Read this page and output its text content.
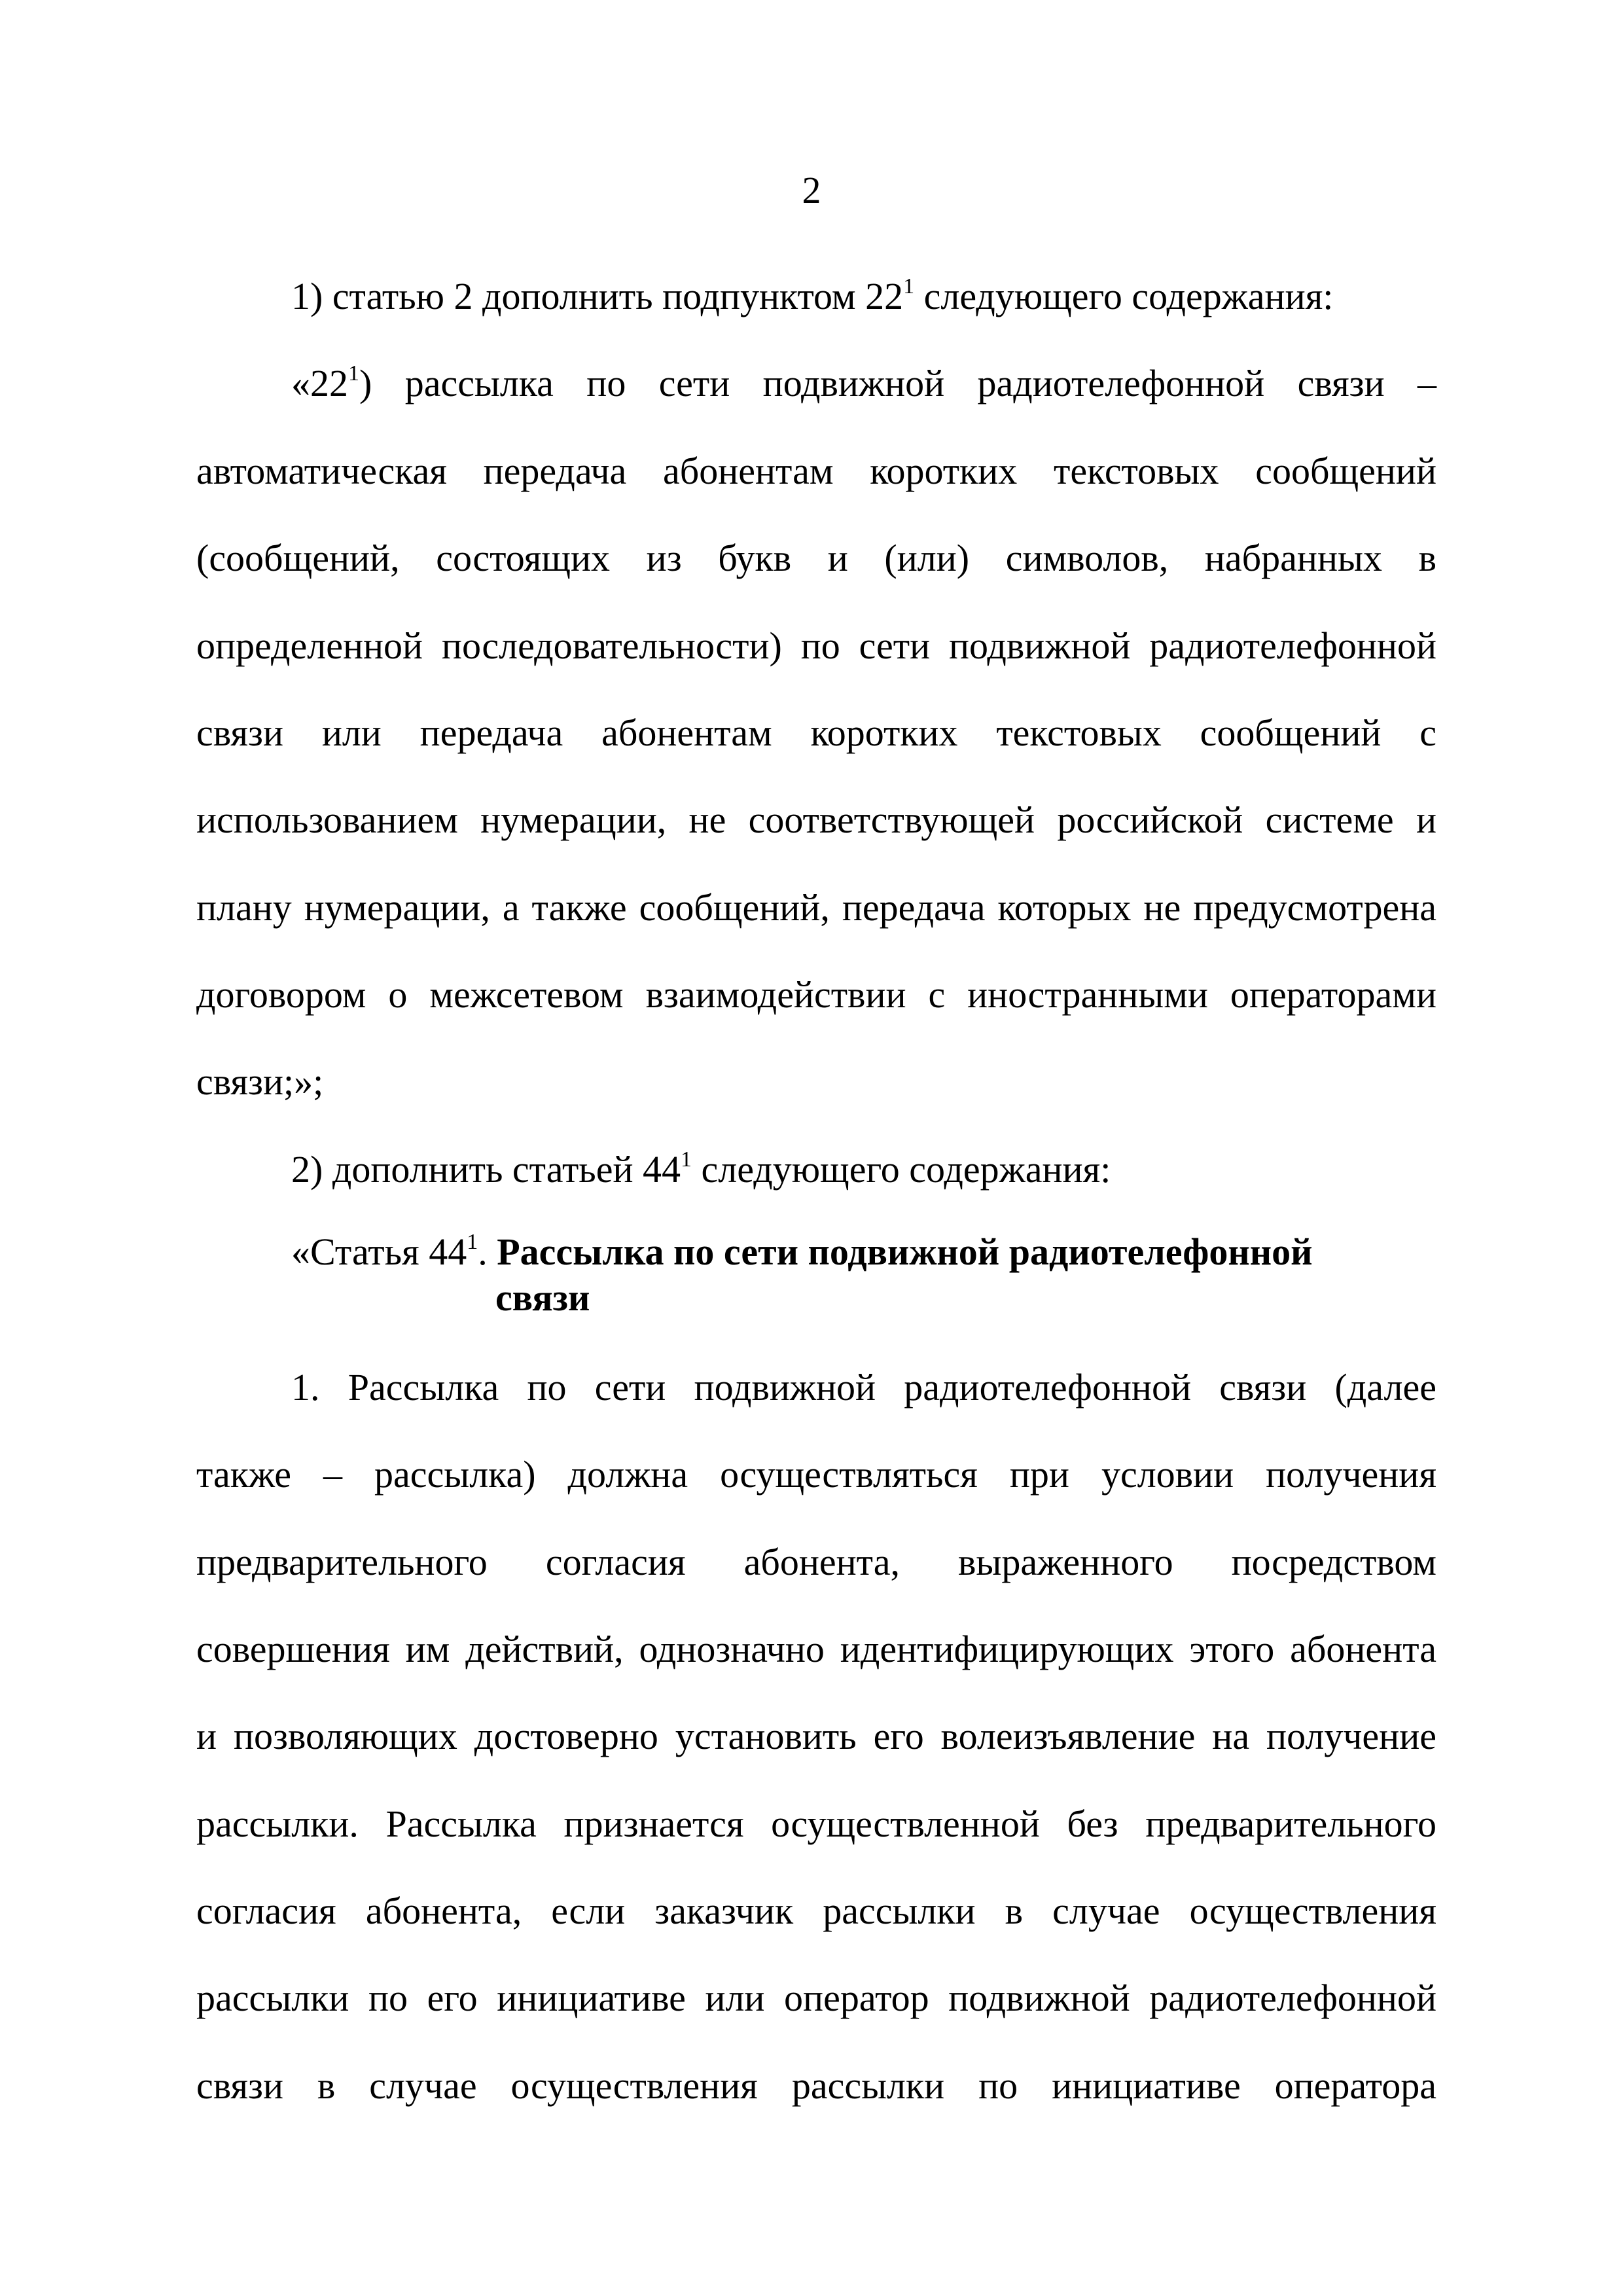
2
1) статью 2 дополнить подпунктом $22^1$ следующего содержания:
«$22^1$) рассылка по сети подвижной радиотелефонной связи –
автоматическая передача абонентам коротких текстовых сообщений
(сообщений, состоящих из букв и (или) символов, набранных в
определенной последовательности) по сети подвижной радиотелефонной
связи или передача абонентам коротких текстовых сообщений с
использованием нумерации, не соответствующей российской системе и
плану нумерации, а также сообщений, передача которых не предусмотрена
договором о межсетевом взаимодействии с иностранными операторами
связи;»;
2) дополнить статьей $44^1$ следующего содержания:
«Статья $44^1$. Рассылка по сети подвижной радиотелефонной
связи
1. Рассылка по сети подвижной радиотелефонной связи (далее
также – рассылка) должна осуществляться при условии получения
предварительного согласия абонента, выраженного посредством
совершения им действий, однозначно идентифицирующих этого абонента
и позволяющих достоверно установить его волеизъявление на получение
рассылки. Рассылка признается осуществленной без предварительного
согласия абонента, если заказчик рассылки в случае осуществления
рассылки по его инициативе или оператор подвижной радиотелефонной
связи в случае осуществления рассылки по инициативе оператора
